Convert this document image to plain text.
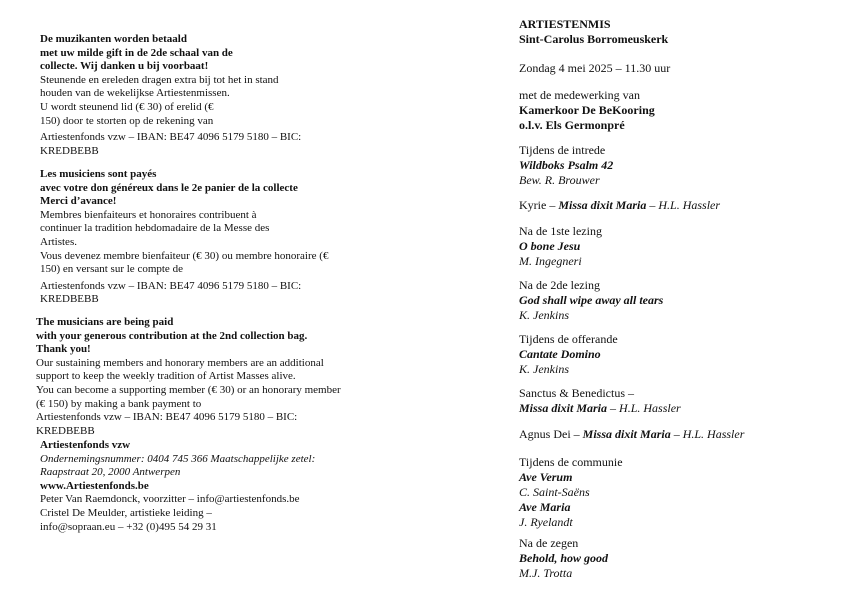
De muzikanten worden betaald
met uw milde gift in de 2de schaal van de
collecte. Wij danken u bij voorbaat!
Steunende en ereleden dragen extra bij tot het in stand
houden van de wekelijkse Artiestenmissen.
U wordt steunend lid (€ 30) of erelid (€
150) door te storten op de rekening van
Artiestenfonds vzw – IBAN: BE47 4096 5179 5180 – BIC:
KREDBEBB
Les musiciens sont payés
avec votre don généreux dans le 2e panier de la collecte
Merci d’avance!
Membres bienfaiteurs et honoraires contribuent à
continuer la tradition hebdomadaire de la Messe des
Artistes.
Vous devenez membre bienfaiteur (€ 30) ou membre honoraire (€
150) en versant sur le compte de
Artiestenfonds vzw – IBAN: BE47 4096 5179 5180 – BIC:
KREDBEBB
The musicians are being paid
with your generous contribution at the 2nd collection bag.
Thank you!
Our sustaining members and honorary members are an additional
support to keep the weekly tradition of Artist Masses alive.
You can become a supporting member (€ 30) or an honorary member
(€ 150) by making a bank payment to
Artiestenfonds vzw – IBAN: BE47 4096 5179 5180 – BIC:
KREDBEBB
Artiestenfonds vzw
Ondernemingsnummer: 0404 745 366 Maatschappelijke zetel:
Raapstraat 20, 2000 Antwerpen
www.Artiestenfonds.be
Peter Van Raemdonck, voorzitter – info@artiestenfonds.be
Cristel De Meulder, artistieke leiding –
info@sopraan.eu – +32 (0)495 54 29 31
ARTIESTENMIS
Sint-Carolus Borromeuskerk
Zondag 4 mei 2025 – 11.30 uur
met de medewerking van
Kamerkoor De BeKooring
o.l.v. Els Germonpré
Tijdens de intrede
Wildboks Psalm 42
Bew. R. Brouwer
Kyrie – Missa dixit Maria – H.L. Hassler
Na de 1ste lezing
O bone Jesu
M. Ingegneri
Na de 2de lezing
God shall wipe away all tears
K. Jenkins
Tijdens de offerande
Cantate Domino
K. Jenkins
Sanctus & Benedictus –
Missa dixit Maria – H.L. Hassler
Agnus Dei – Missa dixit Maria – H.L. Hassler
Tijdens de communie
Ave Verum
C. Saint-Saëns
Ave Maria
J. Ryelandt
Na de zegen
Behold, how good
M.J. Trotta
